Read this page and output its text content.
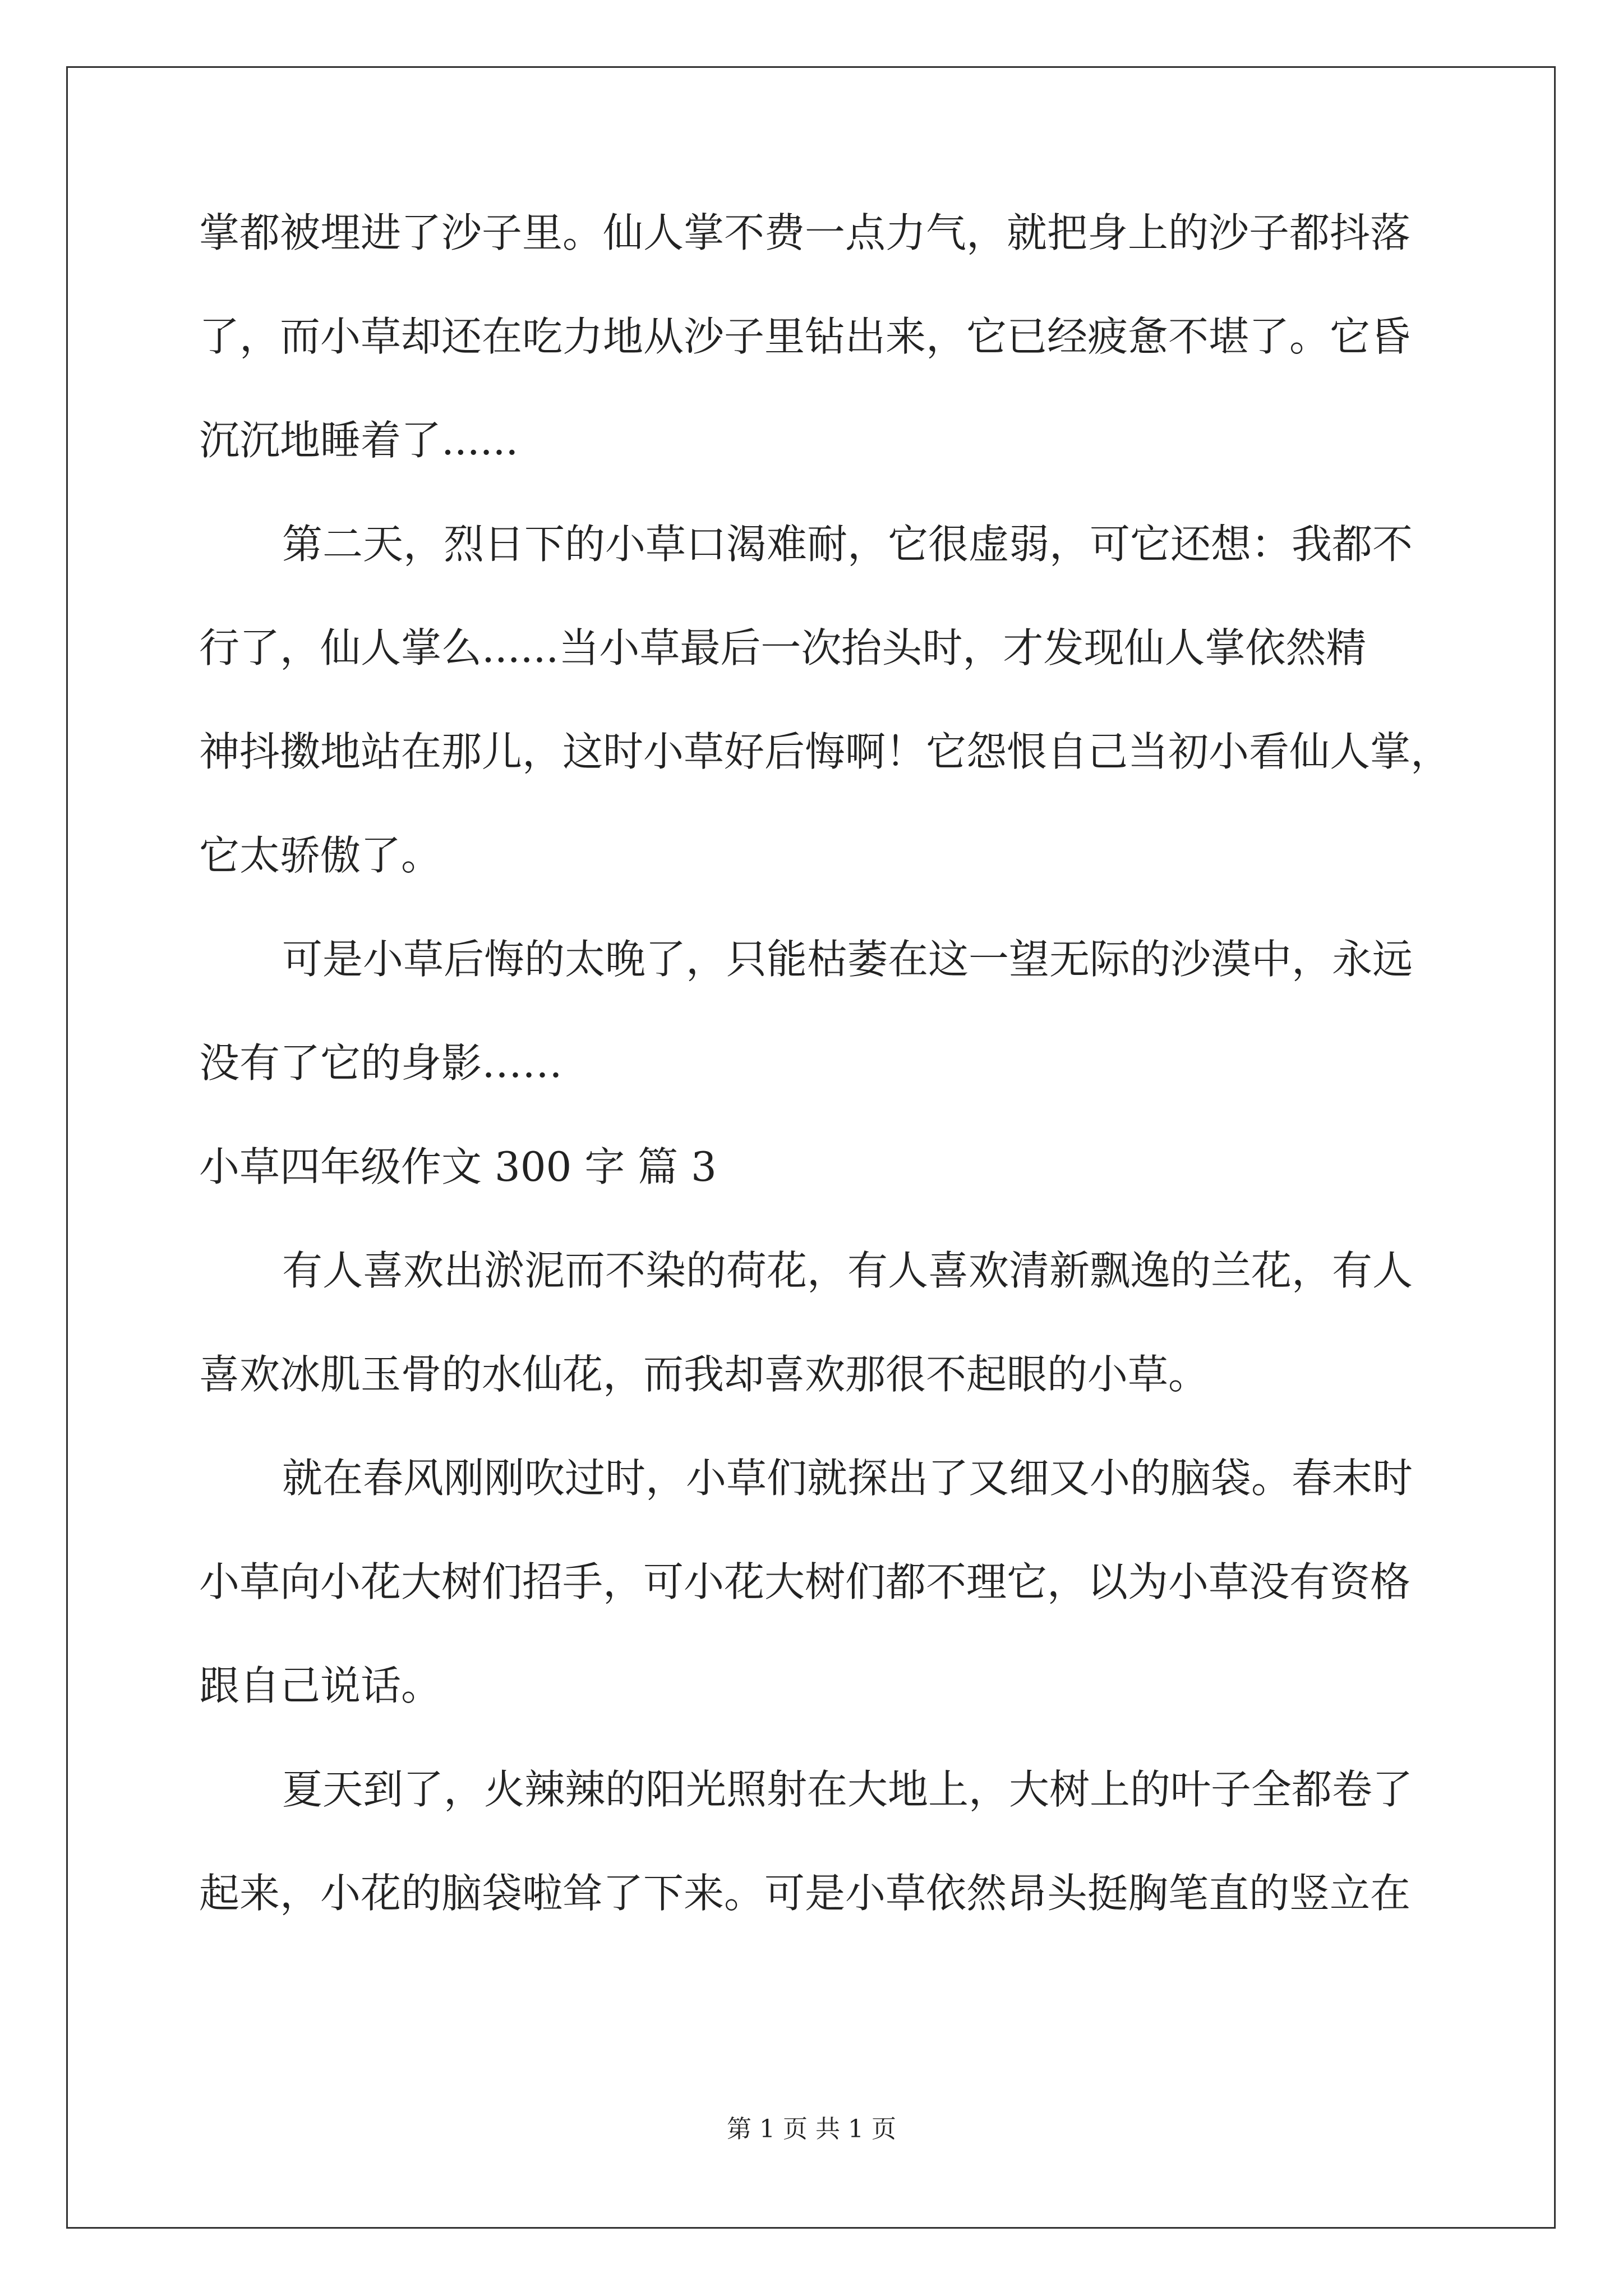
掌都被埋进了沙子里。仙人掌不费一点力气，就把身上的沙子都抖落
了，而小草却还在吃力地从沙子里钻出来，它已经疲惫不堪了。它昏
沉沉地睡着了......
第二天，烈日下的小草口渴难耐，它很虚弱，可它还想：我都不
行了，仙人掌么......当小草最后一次抬头时，才发现仙人掌依然精
神抖擞地站在那儿，这时小草好后悔啊！它怨恨自己当初小看仙人掌，
它太骄傲了。
可是小草后悔的太晚了，只能枯萎在这一望无际的沙漠中，永远
没有了它的身影……
小草四年级作文 300 字 篇 3
有人喜欢出淤泥而不染的荷花，有人喜欢清新飘逸的兰花，有人
喜欢冰肌玉骨的水仙花，而我却喜欢那很不起眼的小草。
就在春风刚刚吹过时，小草们就探出了又细又小的脑袋。春末时
小草向小花大树们招手，可小花大树们都不理它，以为小草没有资格
跟自己说话。
夏天到了，火辣辣的阳光照射在大地上，大树上的叶子全都卷了
起来，小花的脑袋啦耸了下来。可是小草依然昂头挺胸笔直的竖立在
第 1 页 共 1 页
